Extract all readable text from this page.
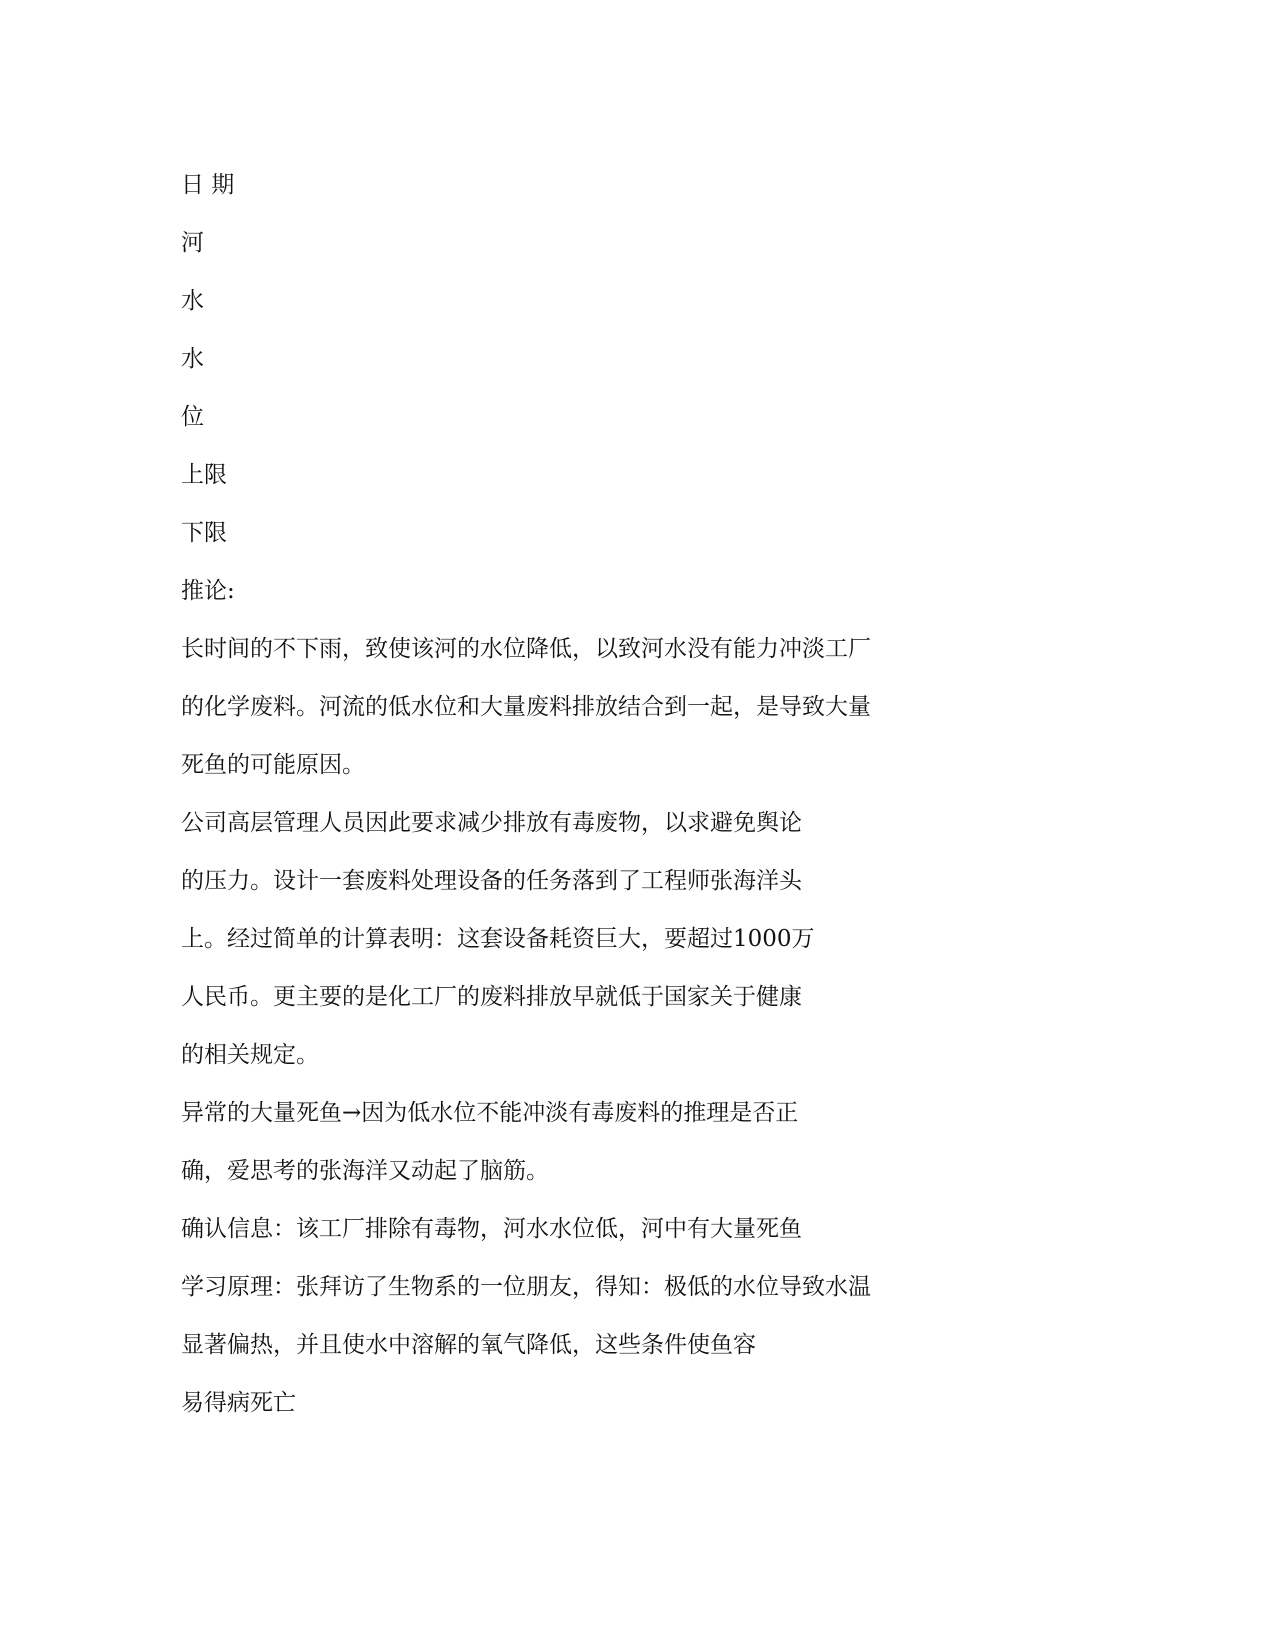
日 期

河

水

水

位

上限

下限

推论:

长时间的不下雨，致使该河的水位降低，以致河水没有能力冲淡工厂

的化学废料。河流的低水位和大量废料排放结合到一起，是导致大量

死鱼的可能原因。

公司高层管理人员因此要求减少排放有毒废物，以求避免舆论

的压力。设计一套废料处理设备的任务落到了工程师张海洋头

上。经过简单的计算表明：这套设备耗资巨大，要超过1000万

人民币。更主要的是化工厂的废料排放早就低于国家关于健康

的相关规定。

异常的大量死鱼→因为低水位不能冲淡有毒废料的推理是否正

确，爱思考的张海洋又动起了脑筋。

确认信息：该工厂排除有毒物，河水水位低，河中有大量死鱼

学习原理：张拜访了生物系的一位朋友，得知：极低的水位导致水温

显著偏热，并且使水中溶解的氧气降低，这些条件使鱼容

易得病死亡
